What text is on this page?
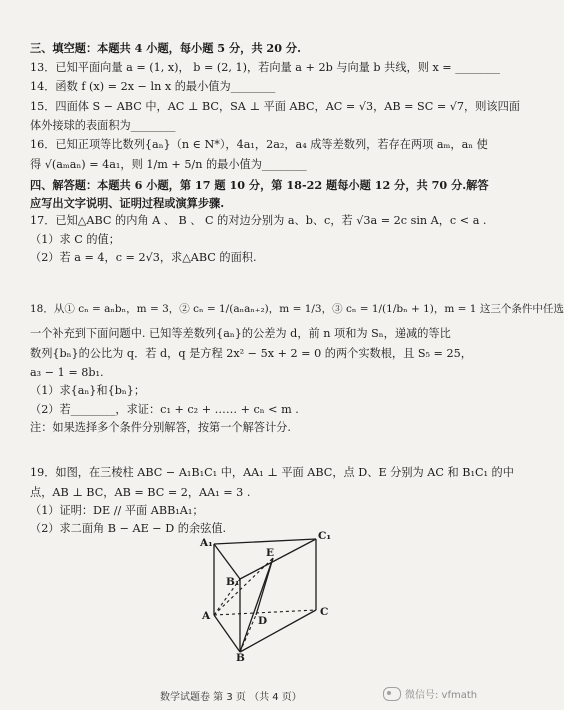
三、填空题：本题共 4 小题，每小题 5 分，共 20 分.
13．已知平面向量 a = (1, x)， b = (2, 1)，若向量 a + 2b 与向量 b 共线，则 x = ________
14．函数 f (x) = 2x − ln x 的最小值为________
15．四面体 S − ABC 中，AC ⊥ BC，SA ⊥ 平面 ABC，AC = √3，AB = SC = √7，则该四面
体外接球的表面积为________
16．已知正项等比数列{aₙ}（n ∈ N*），4a₁，2a₂，a₄ 成等差数列，若存在两项 aₘ，aₙ 使
得 √(aₘaₙ) = 4a₁，则 1/m + 5/n 的最小值为________
四、解答题：本题共 6 小题，第 17 题 10 分，第 18-22 题每小题 12 分，共 70 分.解答
应写出文字说明、证明过程或演算步骤.
17．已知△ABC 的内角 A 、 B 、 C 的对边分别为 a、b、c，若 √3a = 2c sin A，c < a .
（1）求 C 的值；
（2）若 a = 4，c = 2√3，求△ABC 的面积.
18．从① cₙ = aₙbₙ，m = 3，② cₙ = 1/(aₙaₙ₊₂)，m = 1/3，③ cₙ = 1/(1/bₙ + 1)，m = 1 这三个条件中任选
一个补充到下面问题中. 已知等差数列{aₙ}的公差为 d，前 n 项和为 Sₙ，递减的等比
数列{bₙ}的公比为 q．若 d，q 是方程 2x² − 5x + 2 = 0 的两个实数根，且 S₅ = 25，
a₃ − 1 = 8b₁.
（1）求{aₙ}和{bₙ}；
（2）若________，求证：c₁ + c₂ + …… + cₙ < m .
注：如果选择多个条件分别解答，按第一个解答计分.
19．如图，在三棱柱 ABC − A₁B₁C₁ 中，AA₁ ⊥ 平面 ABC，点 D、E 分别为 AC 和 B₁C₁ 的中
点，AB ⊥ BC，AB = BC = 2，AA₁ = 3 .
（1）证明：DE // 平面 ABB₁A₁；
（2）求二面角 B − AE − D 的余弦值.
A₁
C₁
B₁
E
A	C
D
B
数学试题卷 第 3 页 （共 4 页）	微信号: vfmath
